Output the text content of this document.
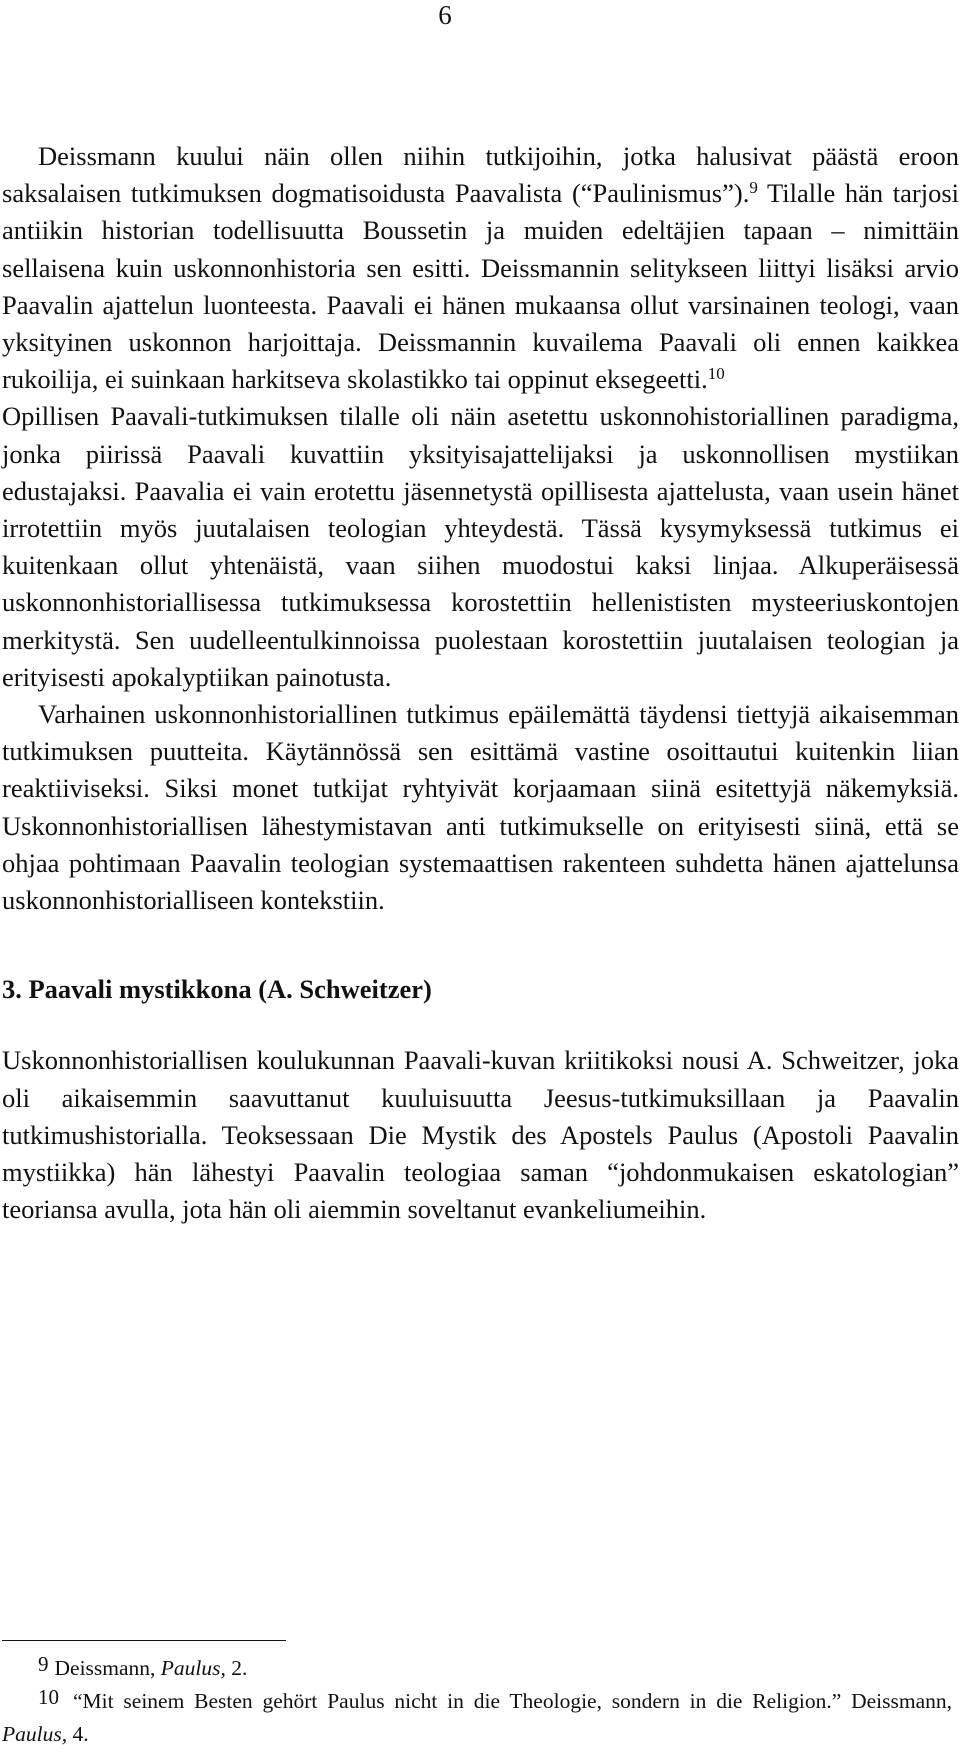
6

Deissmann kuului näin ollen niihin tutkijoihin, jotka halusivat päästä eroon saksalaisen tutkimuksen dogmatisoidusta Paavalista (“Paulinismus”).$^9$ Tilalle hän tarjosi antiikin historian todellisuutta Boussetin ja muiden edeltäjien tapaan – nimittäin sellaisena kuin uskonnonhistoria sen esitti. Deissmannin selitykseen liittyi lisäksi arvio Paavalin ajattelun luonteesta. Paavali ei hänen mukaansa ollut varsinainen teologi, vaan yksityinen uskonnon harjoittaja. Deissmannin kuvailema Paavali oli ennen kaikkea rukoilija, ei suinkaan harkitseva skolastikko tai oppinut eksegeetti.$^{10}$

Opillisen Paavali-tutkimuksen tilalle oli näin asetettu uskonnohistoriallinen paradigma, jonka piirissä Paavali kuvattiin yksityisajattelijaksi ja uskonnollisen mystiikan edustajaksi. Paavalia ei vain erotettu jäsennetystä opillisesta ajattelusta, vaan usein hänet irrotettiin myös juutalaisen teologian yhteydestä. Tässä kysymyksessä tutkimus ei kuitenkaan ollut yhtenäistä, vaan siihen muodostui kaksi linjaa. Alkuperäisessä uskonnonhistoriallisessa tutkimuksessa korostettiin hellenististen mysteeriuskontojen merkitystä. Sen uudelleentulkinnoissa puolestaan korostettiin juutalaisen teologian ja erityisesti apokalyptiikan painotusta.

Varhainen uskonnonhistoriallinen tutkimus epäilemättä täydensi tiettyjä aikaisemman tutkimuksen puutteita. Käytännössä sen esittämä vastine osoittautui kuitenkin liian reaktiiviseksi. Siksi monet tutkijat ryhtyivät korjaamaan siinä esitettyjä näkemyksiä. Uskonnonhistoriallisen lähestymistavan anti tutkimukselle on erityisesti siinä, että se ohjaa pohtimaan Paavalin teologian systemaattisen rakenteen suhdetta hänen ajattelunsa uskonnonhistorialliseen kontekstiin.

3. Paavali mystikkona (A. Schweitzer)

Uskonnonhistoriallisen koulukunnan Paavali-kuvan kriitikoksi nousi A. Schweitzer, joka oli aikaisemmin saavuttanut kuuluisuutta Jeesus-tutkimuksillaan ja Paavalin tutkimushistorialla. Teoksessaan Die Mystik des Apostels Paulus (Apostoli Paavalin mystiikka) hän lähestyi Paavalin teologiaa saman “johdonmukaisen eskatologian” teoriansa avulla, jota hän oli aiemmin soveltanut evankeliumeihin.

9 Deissmann, Paulus, 2.

10 “Mit seinem Besten gehört Paulus nicht in die Theologie, sondern in die Religion.” Deissmann, Paulus, 4.
